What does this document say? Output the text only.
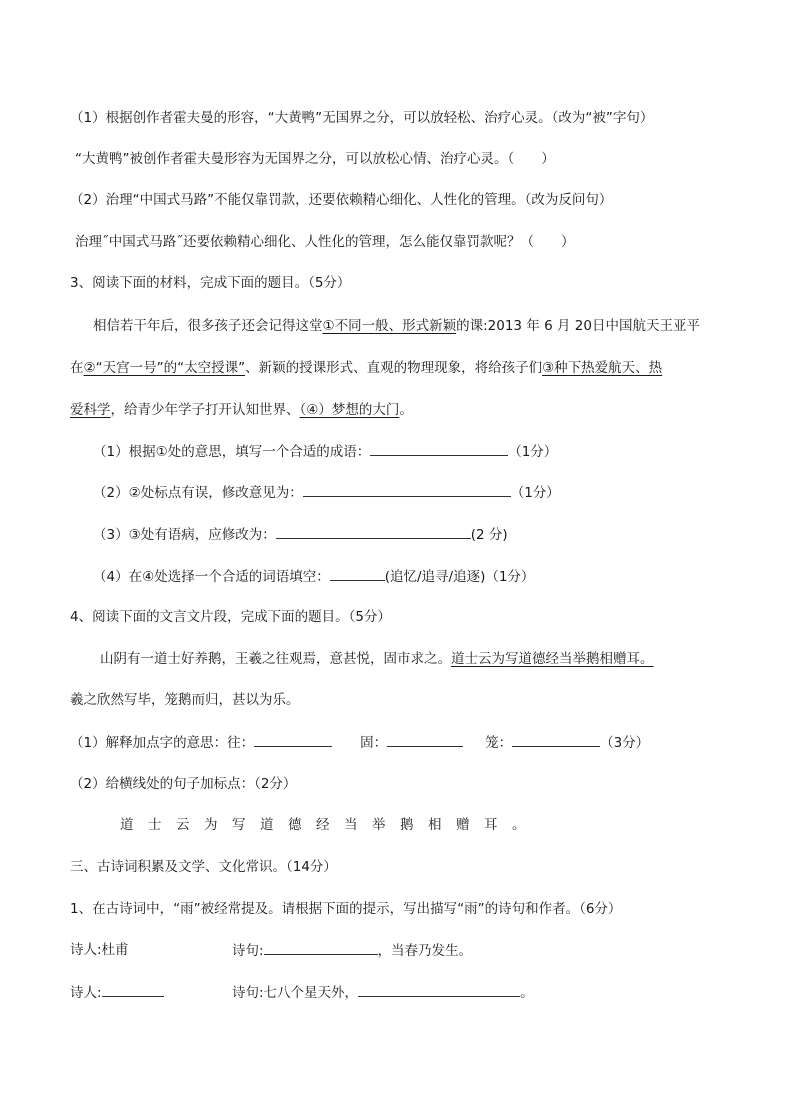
（1）根据创作者霍夫曼的形容，“大黄鸭”无国界之分，可以放轻松、治疗心灵。（改为“被”字句）
“大黄鸭”被创作者霍夫曼形容为无国界之分，可以放松心情、治疗心灵。（　　）
（2）治理“中国式马路”不能仅靠罚款，还要依赖精心细化、人性化的管理。（改为反问句）
治理˝中国式马路˝还要依赖精心细化、人性化的管理，怎么能仅靠罚款呢？（　　）
3、阅读下面的材料，完成下面的题目。（5分）
相信若干年后，很多孩子还会记得这堂①不同一般、形式新颖的课:2013 年 6 月 20日中国航天王亚平
在②“天宫一号”的“太空授课”、新颖的授课形式、直观的物理现象，将给孩子们③种下热爱航天、热
爱科学，给青少年学子打开认知世界、（④）梦想的大门。
（1）根据①处的意思，填写一个合适的成语：	（1分）
（2）②处标点有误，修改意见为：	（1分）
（3）③处有语病，应修改为：	(2 分)
（4）在④处选择一个合适的词语填空：	(追忆/追寻/追逐)（1分）
4、阅读下面的文言文片段，完成下面的题目。（5分）
山阴有一道士好养鹅，王羲之往观焉，意甚悦，固市求之。道士云为写道德经当举鹅相赠耳。
羲之欣然写毕，笼鹅而归，甚以为乐。
（1）解释加点字的意思：往：	固：	笼：	（3分）
（2）给横线处的句子加标点：（2分）
道士云为写道德经当举鹅相赠耳。
三、古诗词积累及文学、文化常识。（14分）
1、在古诗词中，“雨”被经常提及。请根据下面的提示，写出描写“雨”的诗句和作者。（6分）
诗人:杜甫	诗句:	，当春乃发生。
诗人:	诗句:七八个星天外，	。
